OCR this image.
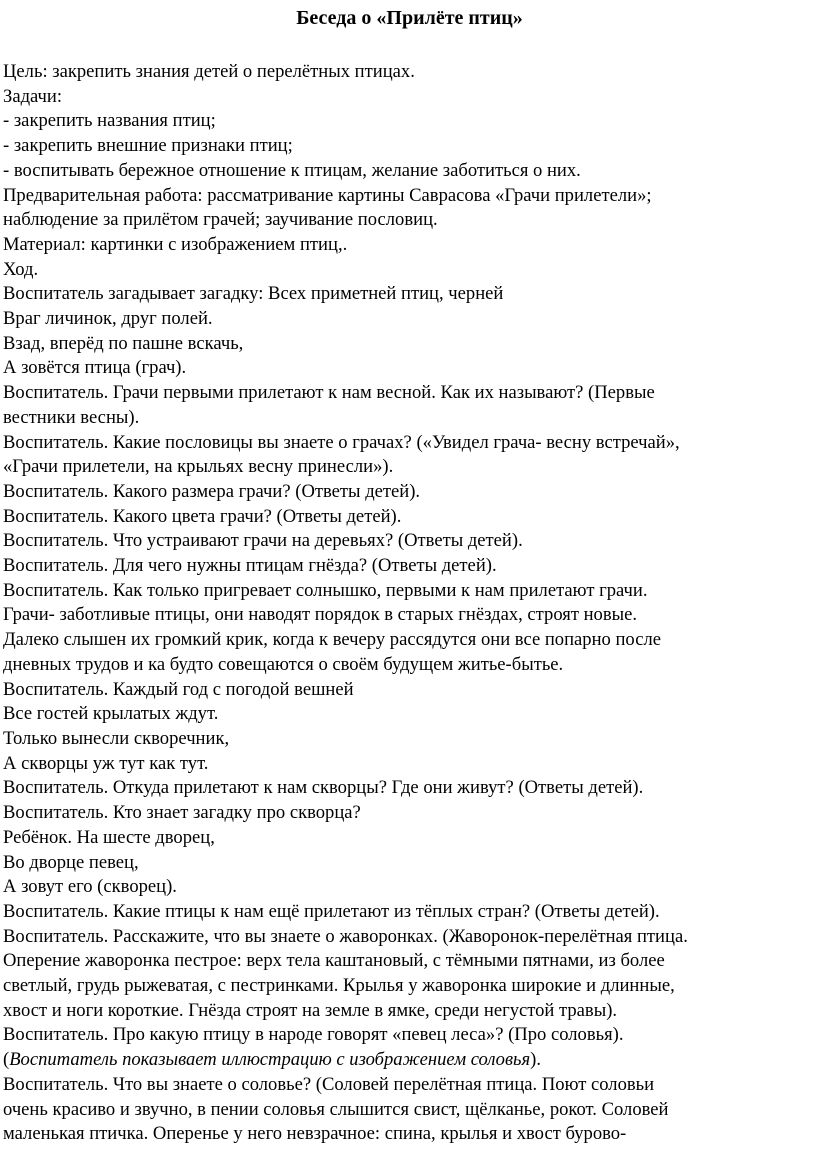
Беседа о «Прилёте птиц»
Цель: закрепить знания детей о перелётных птицах.
Задачи:
- закрепить названия птиц;
- закрепить внешние признаки птиц;
- воспитывать бережное отношение к птицам, желание заботиться о них.
Предварительная работа: рассматривание картины Саврасова «Грачи прилетели»;
наблюдение за прилётом грачей; заучивание пословиц.
Материал: картинки с изображением птиц,.
Ход.
Воспитатель загадывает загадку: Всех приметней птиц, черней
Враг личинок, друг полей.
Взад, вперёд по пашне вскачь,
А зовётся птица (грач).
Воспитатель. Грачи первыми прилетают к нам весной. Как их называют? (Первые
вестники весны).
Воспитатель. Какие пословицы вы знаете о грачах? («Увидел грача- весну встречай»,
«Грачи прилетели, на крыльях весну принесли»).
Воспитатель. Какого размера грачи? (Ответы детей).
Воспитатель. Какого цвета грачи? (Ответы детей).
Воспитатель. Что устраивают грачи на деревьях? (Ответы детей).
Воспитатель. Для чего нужны птицам гнёзда? (Ответы детей).
Воспитатель. Как только пригревает солнышко, первыми к нам прилетают грачи.
Грачи- заботливые птицы, они наводят порядок в старых гнёздах, строят новые.
Далеко слышен их громкий крик, когда к вечеру рассядутся они все попарно после
дневных трудов и ка будто совещаются о своём будущем житье-бытье.
Воспитатель. Каждый год с погодой вешней
Все гостей крылатых ждут.
Только вынесли скворечник,
А скворцы уж тут как тут.
Воспитатель. Откуда прилетают к нам скворцы? Где они живут? (Ответы детей).
Воспитатель. Кто знает загадку про скворца?
Ребёнок. На шесте дворец,
Во дворце певец,
А зовут его (скворец).
Воспитатель. Какие птицы к нам ещё прилетают из тёплых стран? (Ответы детей).
Воспитатель. Расскажите, что вы знаете о жаворонках. (Жаворонок-перелётная птица.
Оперение жаворонка пестрое: верх тела каштановый, с тёмными пятнами, из более
светлый, грудь рыжеватая, с пестринками. Крылья у жаворонка широкие и длинные,
хвост и ноги короткие. Гнёзда строят на земле в ямке, среди негустой травы).
Воспитатель. Про какую птицу в народе говорят «певец леса»? (Про соловья).
(Воспитатель показывает иллюстрацию с изображением соловья).
Воспитатель. Что вы знаете о соловье? (Соловей перелётная птица. Поют соловьи
очень красиво и звучно, в пении соловья слышится свист, щёлканье, рокот. Соловей
маленькая птичка. Оперенье у него невзрачное: спина, крылья и хвост бурово-
